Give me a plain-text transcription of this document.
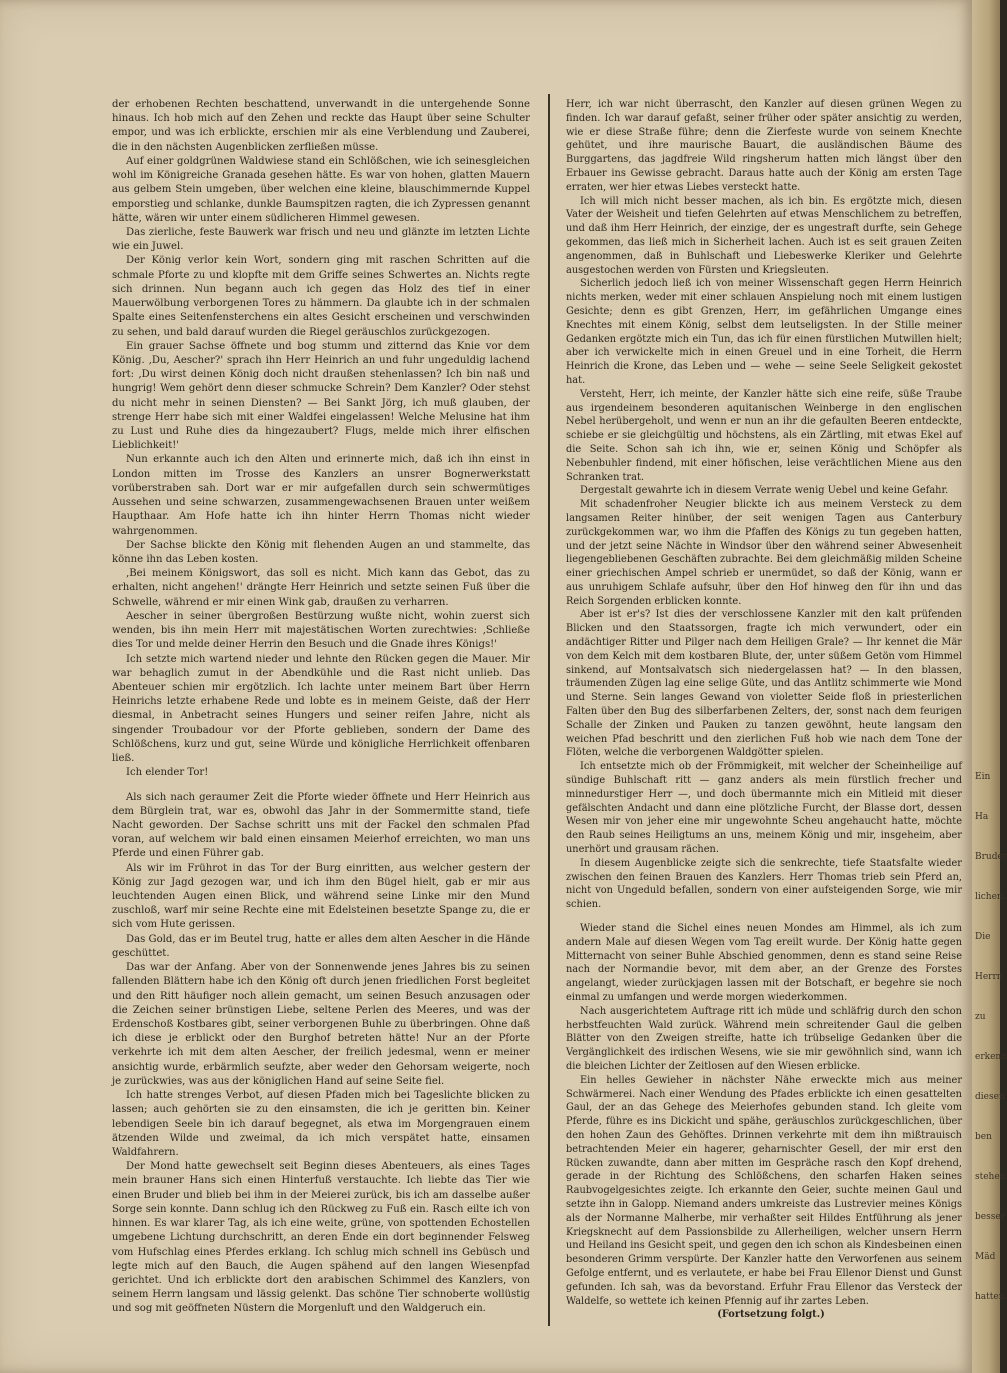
der erhobenen Rechten beschattend, unverwandt in die untergehende Sonne hinaus. Ich hob mich auf den Zehen und reckte das Haupt über seine Schulter empor, und was ich erblickte, erschien mir als eine Verblendung und Zauberei, die in den nächsten Augenblicken zerfließen müsse.

Auf einer goldgrünen Waldwiese stand ein Schlößchen, wie ich seinesgleichen wohl im Königreiche Granada gesehen hätte. Es war von hohen, glatten Mauern aus gelbem Stein umgeben, über welchen eine kleine, blauschimmernde Kuppel emporstieg und schlanke, dunkle Baumspitzen ragten, die ich Zypressen genannt hätte, wären wir unter einem südlicheren Himmel gewesen.

Das zierliche, feste Bauwerk war frisch und neu und glänzte im letzten Lichte wie ein Juwel.

Der König verlor kein Wort, sondern ging mit raschen Schritten auf die schmale Pforte zu und klopfte mit dem Griffe seines Schwertes an. Nichts regte sich drinnen. Nun begann auch ich gegen das Holz des tief in einer Mauerwölbung verborgenen Tores zu hämmern. Da glaubte ich in der schmalen Spalte eines Seitenfensterchens ein altes Gesicht erscheinen und verschwinden zu sehen, und bald darauf wurden die Riegel geräuschlos zurückgezogen.

Ein grauer Sachse öffnete und bog stumm und zitternd das Knie vor dem König. ‚Du, Aescher?' sprach ihn Herr Heinrich an und fuhr ungeduldig lachend fort: ‚Du wirst deinen König doch nicht draußen stehenlassen? Ich bin naß und hungrig! Wem gehört denn dieser schmucke Schrein? Dem Kanzler? Oder stehst du nicht mehr in seinen Diensten? — Bei Sankt Jörg, ich muß glauben, der strenge Herr habe sich mit einer Waldfei eingelassen! Welche Melusine hat ihm zu Lust und Ruhe dies da hingezaubert? Flugs, melde mich ihrer elfischen Lieblichkeit!'

Nun erkannte auch ich den Alten und erinnerte mich, daß ich ihn einst in London mitten im Trosse des Kanzlers an unsrer Bognerwerkstatt vorüberstraben sah. Dort war er mir aufgefallen durch sein schwermütiges Aussehen und seine schwarzen, zusammengewachsenen Brauen unter weißem Haupthaar. Am Hofe hatte ich ihn hinter Herrn Thomas nicht wieder wahrgenommen.

Der Sachse blickte den König mit flehenden Augen an und stammelte, das könne ihn das Leben kosten.

‚Bei meinem Königswort, das soll es nicht. Mich kann das Gebot, das zu erhalten, nicht angehen!' drängte Herr Heinrich und setzte seinen Fuß über die Schwelle, während er mir einen Wink gab, draußen zu verharren.

Aescher in seiner übergroßen Bestürzung wußte nicht, wohin zuerst sich wenden, bis ihn mein Herr mit majestätischen Worten zurechtwies: ‚Schließe dies Tor und melde deiner Herrin den Besuch und die Gnade ihres Königs!'

Ich setzte mich wartend nieder und lehnte den Rücken gegen die Mauer. Mir war behaglich zumut in der Abendkühle und die Rast nicht unlieb. Das Abenteuer schien mir ergötzlich. Ich lachte unter meinem Bart über Herrn Heinrichs letzte erhabene Rede und lobte es in meinem Geiste, daß der Herr diesmal, in Anbetracht seines Hungers und seiner reifen Jahre, nicht als singender Troubadour vor der Pforte geblieben, sondern der Dame des Schlößchens, kurz und gut, seine Würde und königliche Herrlichkeit offenbaren ließ.

Ich elender Tor!

Als sich nach geraumer Zeit die Pforte wieder öffnete und Herr Heinrich aus dem Bürglein trat, war es, obwohl das Jahr in der Sommermitte stand, tiefe Nacht geworden. Der Sachse schritt uns mit der Fackel den schmalen Pfad voran, auf welchem wir bald einen einsamen Meierhof erreichten, wo man uns Pferde und einen Führer gab.

Als wir im Frührot in das Tor der Burg einritten, aus welcher gestern der König zur Jagd gezogen war, und ich ihm den Bügel hielt, gab er mir aus leuchtenden Augen einen Blick, und während seine Linke mir den Mund zuschloß, warf mir seine Rechte eine mit Edelsteinen besetzte Spange zu, die er sich vom Hute gerissen.

Das Gold, das er im Beutel trug, hatte er alles dem alten Aescher in die Hände geschüttet.

Das war der Anfang. Aber von der Sonnenwende jenes Jahres bis zu seinen fallenden Blättern habe ich den König oft durch jenen friedlichen Forst begleitet und den Ritt häufiger noch allein gemacht, um seinen Besuch anzusagen oder die Zeichen seiner brünstigen Liebe, seltene Perlen des Meeres, und was der Erdenschoß Kostbares gibt, seiner verborgenen Buhle zu überbringen. Ohne daß ich diese je erblickt oder den Burghof betreten hätte! Nur an der Pforte verkehrte ich mit dem alten Aescher, der freilich jedesmal, wenn er meiner ansichtig wurde, erbärmlich seufzte, aber weder den Gehorsam weigerte, noch je zurückwies, was aus der königlichen Hand auf seine Seite fiel.

Ich hatte strenges Verbot, auf diesen Pfaden mich bei Tageslichte blicken zu lassen; auch gehörten sie zu den einsamsten, die ich je geritten bin. Keiner lebendigen Seele bin ich darauf begegnet, als etwa im Morgengrauen einem ätzenden Wilde und zweimal, da ich mich verspätet hatte, einsamen Waldfahrern.

Der Mond hatte gewechselt seit Beginn dieses Abenteuers, als eines Tages mein brauner Hans sich einen Hinterfuß verstauchte. Ich liebte das Tier wie einen Bruder und blieb bei ihm in der Meierei zurück, bis ich am dasselbe außer Sorge sein konnte. Dann schlug ich den Rückweg zu Fuß ein. Rasch eilte ich von hinnen. Es war klarer Tag, als ich eine weite, grüne, von spottenden Echostellen umgebene Lichtung durchschritt, an deren Ende ein dort beginnender Felsweg vom Hufschlag eines Pferdes erklang. Ich schlug mich schnell ins Gebüsch und legte mich auf den Bauch, die Augen spähend auf den langen Wiesenpfad gerichtet. Und ich erblickte dort den arabischen Schimmel des Kanzlers, von seinem Herrn langsam und lässig gelenkt. Das schöne Tier schnoberte wollüstig und sog mit geöffneten Nüstern die Morgenluft und den Waldgeruch ein.

Herr, ich war nicht überrascht, den Kanzler auf diesen grünen Wegen zu finden. Ich war darauf gefaßt, seiner früher oder später ansichtig zu werden, wie er diese Straße führe; denn die Zierfeste wurde von seinem Knechte gehütet, und ihre maurische Bauart, die ausländischen Bäume des Burggartens, das jagdfreie Wild ringsherum hatten mich längst über den Erbauer ins Gewisse gebracht. Daraus hatte auch der König am ersten Tage erraten, wer hier etwas Liebes versteckt hatte.

Ich will mich nicht besser machen, als ich bin. Es ergötzte mich, diesen Vater der Weisheit und tiefen Gelehrten auf etwas Menschlichem zu betreffen, und daß ihm Herr Heinrich, der einzige, der es ungestraft durfte, sein Gehege gekommen, das ließ mich in Sicherheit lachen. Auch ist es seit grauen Zeiten angenommen, daß in Buhlschaft und Liebeswerke Kleriker und Gelehrte ausgestochen werden von Fürsten und Kriegsleuten.

Sicherlich jedoch ließ ich von meiner Wissenschaft gegen Herrn Heinrich nichts merken, weder mit einer schlauen Anspielung noch mit einem lustigen Gesichte; denn es gibt Grenzen, Herr, im gefährlichen Umgange eines Knechtes mit einem König, selbst dem leutseligsten. In der Stille meiner Gedanken ergötzte mich ein Tun, das ich für einen fürstlichen Mutwillen hielt; aber ich verwickelte mich in einen Greuel und in eine Torheit, die Herrn Heinrich die Krone, das Leben und — wehe — seine Seele Seligkeit gekostet hat.

Versteht, Herr, ich meinte, der Kanzler hätte sich eine reife, süße Traube aus irgendeinem besonderen aquitanischen Weinberge in den englischen Nebel herübergeholt, und wenn er nun an ihr die gefaulten Beeren entdeckte, schiebe er sie gleichgültig und höchstens, als ein Zärtling, mit etwas Ekel auf die Seite. Schon sah ich ihn, wie er, seinen König und Schöpfer als Nebenbuhler findend, mit einer höfischen, leise verächtlichen Miene aus den Schranken trat.

Dergestalt gewahrte ich in diesem Verrate wenig Uebel und keine Gefahr.

Mit schadenfroher Neugier blickte ich aus meinem Versteck zu dem langsamen Reiter hinüber, der seit wenigen Tagen aus Canterbury zurückgekommen war, wo ihm die Pfaffen des Königs zu tun gegeben hatten, und der jetzt seine Nächte in Windsor über den während seiner Abwesenheit liegengebliebenen Geschäften zubrachte. Bei dem gleichmäßig milden Scheine einer griechischen Ampel schrieb er unermüdet, so daß der König, wann er aus unruhigem Schlafe aufsuhr, über den Hof hinweg den für ihn und das Reich Sorgenden erblicken konnte.

Aber ist er's? Ist dies der verschlossene Kanzler mit den kalt prüfenden Blicken und den Staatssorgen, fragte ich mich verwundert, oder ein andächtiger Ritter und Pilger nach dem Heiligen Grale? — Ihr kennet die Mär von dem Kelch mit dem kostbaren Blute, der, unter süßem Getön vom Himmel sinkend, auf Montsalvatsch sich niedergelassen hat? — In den blassen, träumenden Zügen lag eine selige Güte, und das Antlitz schimmerte wie Mond und Sterne. Sein langes Gewand von violetter Seide floß in priesterlichen Falten über den Bug des silberfarbenen Zelters, der, sonst nach dem feurigen Schalle der Zinken und Pauken zu tanzen gewöhnt, heute langsam den weichen Pfad beschritt und den zierlichen Fuß hob wie nach dem Tone der Flöten, welche die verborgenen Waldgötter spielen.

Ich entsetzte mich ob der Frömmigkeit, mit welcher der Scheinheilige auf sündige Buhlschaft ritt — ganz anders als mein fürstlich frecher und minnedurstiger Herr —, und doch übermannte mich ein Mitleid mit dieser gefälschten Andacht und dann eine plötzliche Furcht, der Blasse dort, dessen Wesen mir von jeher eine mir ungewohnte Scheu angehaucht hatte, möchte den Raub seines Heiligtums an uns, meinem König und mir, insgeheim, aber unerhört und grausam rächen.

In diesem Augenblicke zeigte sich die senkrechte, tiefe Staatsfalte wieder zwischen den feinen Brauen des Kanzlers. Herr Thomas trieb sein Pferd an, nicht von Ungeduld befallen, sondern von einer aufsteigenden Sorge, wie mir schien.

Wieder stand die Sichel eines neuen Mondes am Himmel, als ich zum andern Male auf diesen Wegen vom Tag ereilt wurde. Der König hatte gegen Mitternacht von seiner Buhle Abschied genommen, denn es stand seine Reise nach der Normandie bevor, mit dem aber, an der Grenze des Forstes angelangt, wieder zurückjagen lassen mit der Botschaft, er begehre sie noch einmal zu umfangen und werde morgen wiederkommen.

Nach ausgerichtetem Auftrage ritt ich müde und schläfrig durch den schon herbstfeuchten Wald zurück. Während mein schreitender Gaul die gelben Blätter von den Zweigen streifte, hatte ich trübselige Gedanken über die Vergänglichkeit des irdischen Wesens, wie sie mir gewöhnlich sind, wann ich die bleichen Lichter der Zeitlosen auf den Wiesen erblicke.

Ein helles Gewieher in nächster Nähe erweckte mich aus meiner Schwärmerei. Nach einer Wendung des Pfades erblickte ich einen gesattelten Gaul, der an das Gehege des Meierhofes gebunden stand. Ich gleite vom Pferde, führe es ins Dickicht und spähe, geräuschlos zurückgeschlichen, über den hohen Zaun des Gehöftes. Drinnen verkehrte mit dem ihn mißtrauisch betrachtenden Meier ein hagerer, geharnischter Gesell, der mir erst den Rücken zuwandte, dann aber mitten im Gespräche rasch den Kopf drehend, gerade in der Richtung des Schlößchens, den scharfen Haken seines Raubvogelgesichtes zeigte. Ich erkannte den Geier, suchte meinen Gaul und setzte ihn in Galopp. Niemand anders umkreiste das Lustrevier meines Königs als der Normanne Malherbe, mir verhaßter seit Hildes Entführung als jener Kriegsknecht auf dem Passionsbilde zu Allerheiligen, welcher unsern Herrn und Heiland ins Gesicht speit, und gegen den ich schon als Kindesbeinen einen besonderen Grimm verspürte. Der Kanzler hatte den Verworfenen aus seinem Gefolge entfernt, und es verlautete, er habe bei Frau Ellenor Dienst und Gunst gefunden. Ich sah, was da bevorstand. Erfuhr Frau Ellenor das Versteck der Waldelfe, so wettete ich keinen Pfennig auf ihr zartes Leben.

(Fortsetzung folgt.)

Ein
Ha
Bruder
lichen.
Die
Herrn
zu
erkenn
diesen
ben
stehen
besser
Mäd
hatten
